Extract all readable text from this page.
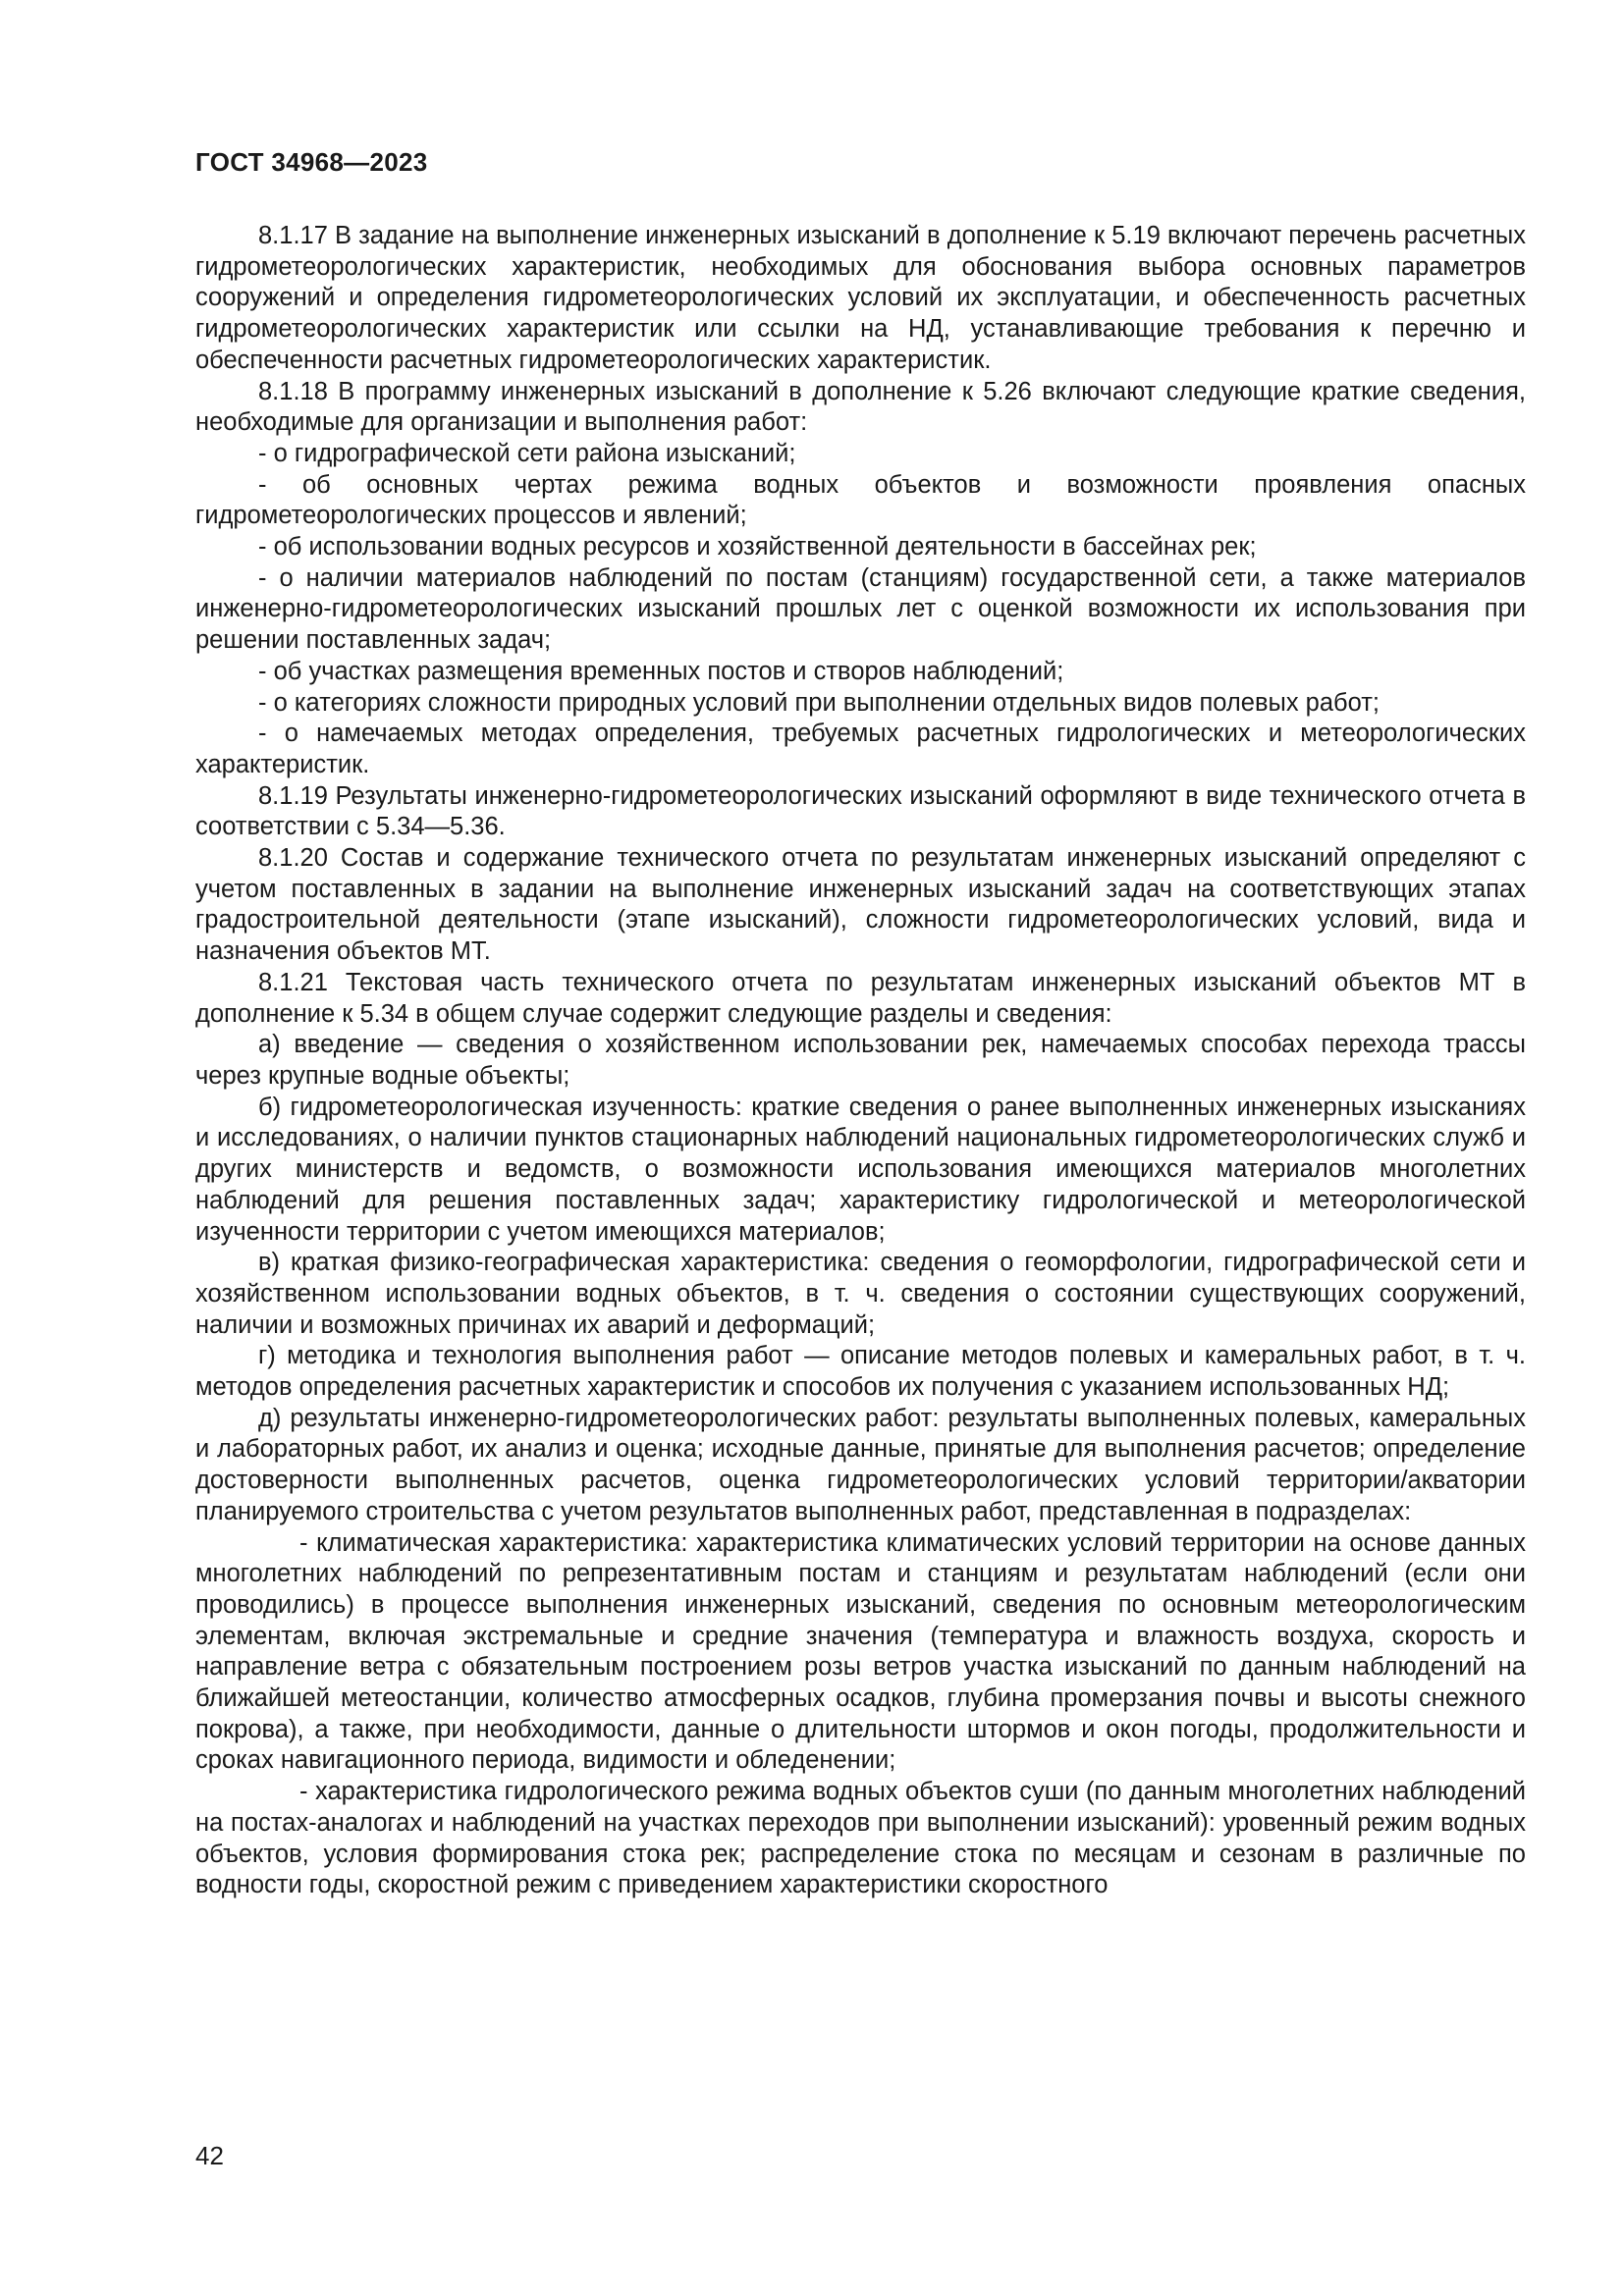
ГОСТ 34968—2023

8.1.17 В задание на выполнение инженерных изысканий в дополнение к 5.19 включают перечень расчетных гидрометеорологических характеристик, необходимых для обоснования выбора основных параметров сооружений и определения гидрометеорологических условий их эксплуатации, и обеспеченность расчетных гидрометеорологических характеристик или ссылки на НД, устанавливающие требования к перечню и обеспеченности расчетных гидрометеорологических характеристик.

8.1.18 В программу инженерных изысканий в дополнение к 5.26 включают следующие краткие сведения, необходимые для организации и выполнения работ:

- о гидрографической сети района изысканий;

- об основных чертах режима водных объектов и возможности проявления опасных гидрометеорологических процессов и явлений;

- об использовании водных ресурсов и хозяйственной деятельности в бассейнах рек;

- о наличии материалов наблюдений по постам (станциям) государственной сети, а также материалов инженерно-гидрометеорологических изысканий прошлых лет с оценкой возможности их использования при решении поставленных задач;

- об участках размещения временных постов и створов наблюдений;

- о категориях сложности природных условий при выполнении отдельных видов полевых работ;

- о намечаемых методах определения, требуемых расчетных гидрологических и метеорологических характеристик.

8.1.19 Результаты инженерно-гидрометеорологических изысканий оформляют в виде технического отчета в соответствии с 5.34—5.36.

8.1.20 Состав и содержание технического отчета по результатам инженерных изысканий определяют с учетом поставленных в задании на выполнение инженерных изысканий задач на соответствующих этапах градостроительной деятельности (этапе изысканий), сложности гидрометеорологических условий, вида и назначения объектов МТ.

8.1.21 Текстовая часть технического отчета по результатам инженерных изысканий объектов МТ в дополнение к 5.34 в общем случае содержит следующие разделы и сведения:

а) введение — сведения о хозяйственном использовании рек, намечаемых способах перехода трассы через крупные водные объекты;

б) гидрометеорологическая изученность: краткие сведения о ранее выполненных инженерных изысканиях и исследованиях, о наличии пунктов стационарных наблюдений национальных гидрометеорологических служб и других министерств и ведомств, о возможности использования имеющихся материалов многолетних наблюдений для решения поставленных задач; характеристику гидрологической и метеорологической изученности территории с учетом имеющихся материалов;

в) краткая физико-географическая характеристика: сведения о геоморфологии, гидрографической сети и хозяйственном использовании водных объектов, в т. ч. сведения о состоянии существующих сооружений, наличии и возможных причинах их аварий и деформаций;

г) методика и технология выполнения работ — описание методов полевых и камеральных работ, в т. ч. методов определения расчетных характеристик и способов их получения с указанием использованных НД;

д) результаты инженерно-гидрометеорологических работ: результаты выполненных полевых, камеральных и лабораторных работ, их анализ и оценка; исходные данные, принятые для выполнения расчетов; определение достоверности выполненных расчетов, оценка гидрометеорологических условий территории/акватории планируемого строительства с учетом результатов выполненных работ, представленная в подразделах:

- климатическая характеристика: характеристика климатических условий территории на основе данных многолетних наблюдений по репрезентативным постам и станциям и результатам наблюдений (если они проводились) в процессе выполнения инженерных изысканий, сведения по основным метеорологическим элементам, включая экстремальные и средние значения (температура и влажность воздуха, скорость и направление ветра с обязательным построением розы ветров участка изысканий по данным наблюдений на ближайшей метеостанции, количество атмосферных осадков, глубина промерзания почвы и высоты снежного покрова), а также, при необходимости, данные о длительности штормов и окон погоды, продолжительности и сроках навигационного периода, видимости и обледенении;

- характеристика гидрологического режима водных объектов суши (по данным многолетних наблюдений на постах-аналогах и наблюдений на участках переходов при выполнении изысканий): уровенный режим водных объектов, условия формирования стока рек; распределение стока по месяцам и сезонам в различные по водности годы, скоростной режим с приведением характеристики скоростного

42
